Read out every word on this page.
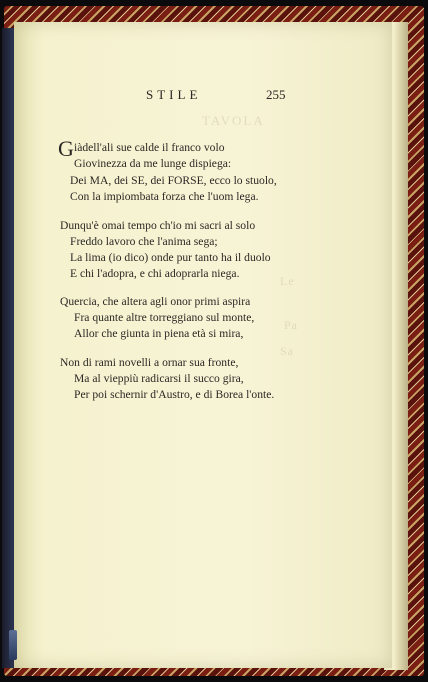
TAVOLA
Le
Pa
Sa
STILE	255
G iàdell'ali sue calde il franco volo
Giovinezza da me lunge dispiega:
Dei MA, dei SE, dei FORSE, ecco lo stuolo,
Con la impiombata forza che l'uom lega.
Dunqu'è omai tempo ch'io mi sacri al solo
Freddo lavoro che l'anima sega;
La lima (io dico) onde pur tanto ha il duolo
E chi l'adopra, e chi adoprarla niega.
Quercia, che altera agli onor primi aspira
Fra quante altre torreggiano sul monte,
Allor che giunta in piena età si mira,
Non di rami novelli a ornar sua fronte,
Ma al vieppiù radicarsi il succo gira,
Per poi schernir d'Austro, e di Borea l'onte.
